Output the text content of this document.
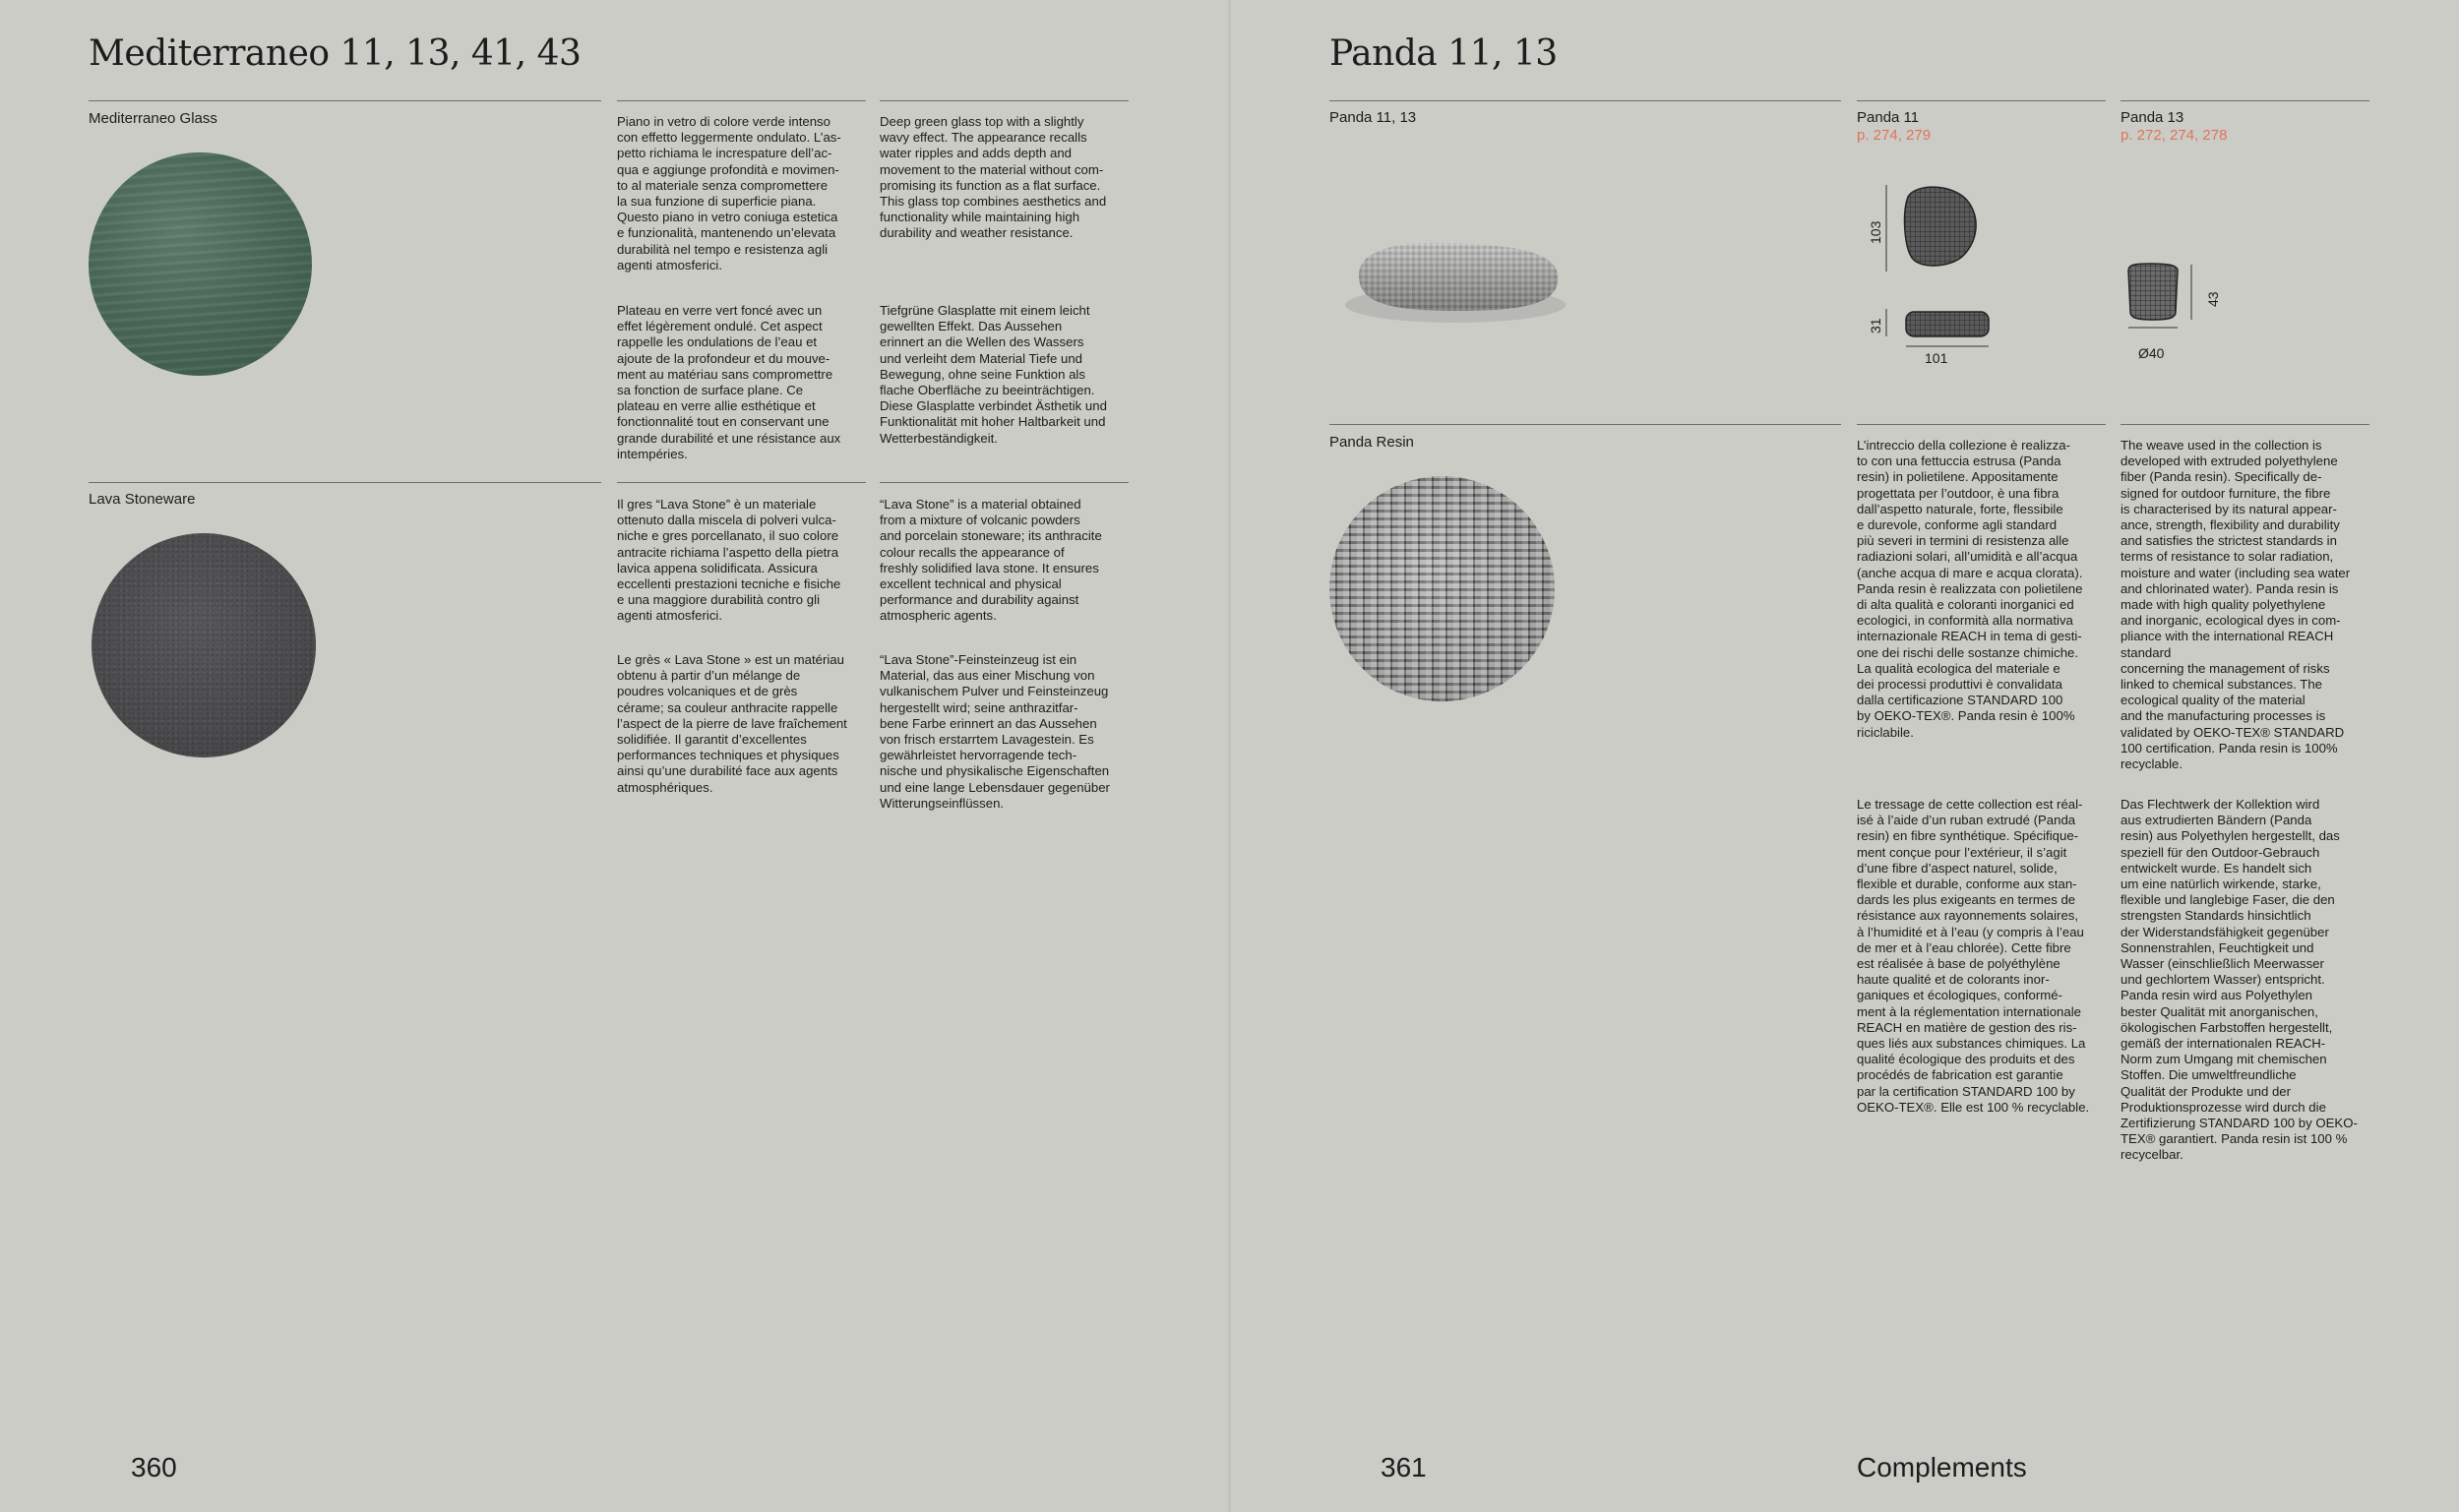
Mediterraneo 11, 13, 41, 43
Mediterraneo Glass	Piano in vetro di colore verde intenso
con effetto leggermente ondulato. L’as-
petto richiama le increspature dell’ac-
qua e aggiunge profondità e movimen-
to al materiale senza compromettere
la sua funzione di superficie piana.
Questo piano in vetro coniuga estetica
e funzionalità, mantenendo un’elevata
durabilità nel tempo e resistenza agli
agenti atmosferici.

Deep green glass top with a slightly
wavy effect. The appearance recalls
water ripples and adds depth and
movement to the material without com-
promising its function as a flat surface.
This glass top combines aesthetics and
functionality while maintaining high
durability and weather resistance.

Plateau en verre vert foncé avec un
effet légèrement ondulé. Cet aspect
rappelle les ondulations de l’eau et
ajoute de la profondeur et du mouve-
ment au matériau sans compromettre
sa fonction de surface plane. Ce
plateau en verre allie esthétique et
fonctionnalité tout en conservant une
grande durabilité et une résistance aux
intempéries.

Tiefgrüne Glasplatte mit einem leicht
gewellten Effekt. Das Aussehen
erinnert an die Wellen des Wassers
und verleiht dem Material Tiefe und
Bewegung, ohne seine Funktion als
flache Oberfläche zu beeinträchtigen.
Diese Glasplatte verbindet Ästhetik und
Funktionalität mit hoher Haltbarkeit und
Wetterbeständigkeit.

Lava Stoneware	Il gres “Lava Stone” è un materiale
ottenuto dalla miscela di polveri vulca-
niche e gres porcellanato, il suo colore
antracite richiama l’aspetto della pietra
lavica appena solidificata. Assicura
eccellenti prestazioni tecniche e fisiche
e una maggiore durabilità contro gli
agenti atmosferici.

“Lava Stone” is a material obtained
from a mixture of volcanic powders
and porcelain stoneware; its anthracite
colour recalls the appearance of
freshly solidified lava stone. It ensures
excellent technical and physical
performance and durability against
atmospheric agents.

Le grès « Lava Stone » est un matériau
obtenu à partir d’un mélange de
poudres volcaniques et de grès
cérame; sa couleur anthracite rappelle
l’aspect de la pierre de lave fraîchement
solidifiée. Il garantit d’excellentes
performances techniques et physiques
ainsi qu’une durabilité face aux agents
atmosphériques.

“Lava Stone”-Feinsteinzeug ist ein
Material, das aus einer Mischung von
vulkanischem Pulver und Feinsteinzeug
hergestellt wird; seine anthrazitfar-
bene Farbe erinnert an das Aussehen
von frisch erstarrtem Lavagestein. Es
gewährleistet hervorragende tech-
nische und physikalische Eigenschaften
und eine lange Lebensdauer gegenüber
Witterungseinflüssen.

360
Panda 11, 13
Panda 11, 13	Panda 11
p. 274, 279
103
31
101
Panda 13
p. 272, 274, 278
43
Ø40
Panda Resin	L’intreccio della collezione è realizza-
to con una fettuccia estrusa (Panda
resin) in polietilene. Appositamente
progettata per l’outdoor, è una fibra
dall’aspetto naturale, forte, flessibile
e durevole, conforme agli standard
più severi in termini di resistenza alle
radiazioni solari, all’umidità e all’acqua
(anche acqua di mare e acqua clorata).
Panda resin è realizzata con polietilene
di alta qualità e coloranti inorganici ed
ecologici, in conformità alla normativa
internazionale REACH in tema di gesti-
one dei rischi delle sostanze chimiche.
La qualità ecologica del materiale e
dei processi produttivi è convalidata
dalla certificazione STANDARD 100
by OEKO-TEX®. Panda resin è 100%
riciclabile.

The weave used in the collection is
developed with extruded polyethylene
fiber (Panda resin). Specifically de-
signed for outdoor furniture, the fibre
is characterised by its natural appear-
ance, strength, flexibility and durability
and satisfies the strictest standards in
terms of resistance to solar radiation,
moisture and water (including sea water
and chlorinated water). Panda resin is
made with high quality polyethylene
and inorganic, ecological dyes in com-
pliance with the international REACH
standard
concerning the management of risks
linked to chemical substances. The
ecological quality of the material
and the manufacturing processes is
validated by OEKO-TEX® STANDARD
100 certification. Panda resin is 100%
recyclable.

Le tressage de cette collection est réal-
isé à l’aide d’un ruban extrudé (Panda
resin) en fibre synthétique. Spécifique-
ment conçue pour l’extérieur, il s’agit
d’une fibre d’aspect naturel, solide,
flexible et durable, conforme aux stan-
dards les plus exigeants en termes de
résistance aux rayonnements solaires,
à l’humidité et à l’eau (y compris à l’eau
de mer et à l’eau chlorée). Cette fibre
est réalisée à base de polyéthylène
haute qualité et de colorants inor-
ganiques et écologiques, conformé-
ment à la réglementation internationale
REACH en matière de gestion des ris-
ques liés aux substances chimiques. La
qualité écologique des produits et des
procédés de fabrication est garantie
par la certification STANDARD 100 by
OEKO-TEX®. Elle est 100 % recyclable.

Das Flechtwerk der Kollektion wird
aus extrudierten Bändern (Panda
resin) aus Polyethylen hergestellt, das
speziell für den Outdoor-Gebrauch
entwickelt wurde. Es handelt sich
um eine natürlich wirkende, starke,
flexible und langlebige Faser, die den
strengsten Standards hinsichtlich
der Widerstandsfähigkeit gegenüber
Sonnenstrahlen, Feuchtigkeit und
Wasser (einschließlich Meerwasser
und gechlortem Wasser) entspricht.
Panda resin wird aus Polyethylen
bester Qualität mit anorganischen,
ökologischen Farbstoffen hergestellt,
gemäß der internationalen REACH-
Norm zum Umgang mit chemischen
Stoffen. Die umweltfreundliche
Qualität der Produkte und der
Produktionsprozesse wird durch die
Zertifizierung STANDARD 100 by OEKO-
TEX® garantiert. Panda resin ist 100 %
recycelbar.

361	Complements
